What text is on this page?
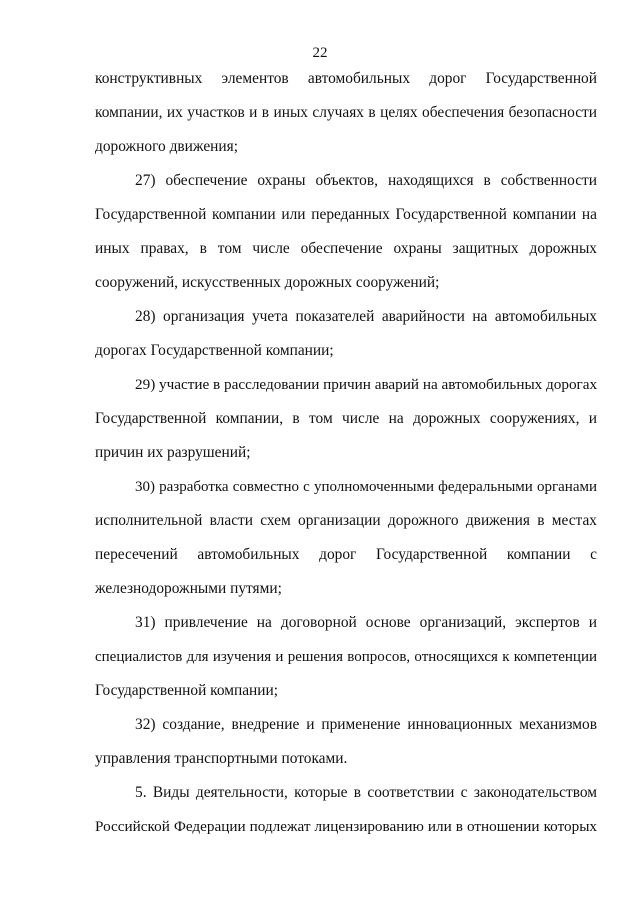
22
конструктивных элементов автомобильных дорог Государственной
компании, их участков и в иных случаях в целях обеспечения безопасности
дорожного движения;
27) обеспечение охраны объектов, находящихся в собственности
Государственной компании или переданных Государственной компании на
иных правах, в том числе обеспечение охраны защитных дорожных
сооружений, искусственных дорожных сооружений;
28) организация учета показателей аварийности на автомобильных
дорогах Государственной компании;
29) участие в расследовании причин аварий на автомобильных дорогах
Государственной компании, в том числе на дорожных сооружениях, и
причин их разрушений;
30) разработка совместно с уполномоченными федеральными органами
исполнительной власти схем организации дорожного движения в местах
пересечений автомобильных дорог Государственной компании с
железнодорожными путями;
31) привлечение на договорной основе организаций, экспертов и
специалистов для изучения и решения вопросов, относящихся к компетенции
Государственной компании;
32) создание, внедрение и применение инновационных механизмов
управления транспортными потоками.
5. Виды деятельности, которые в соответствии с законодательством
Российской Федерации подлежат лицензированию или в отношении которых
